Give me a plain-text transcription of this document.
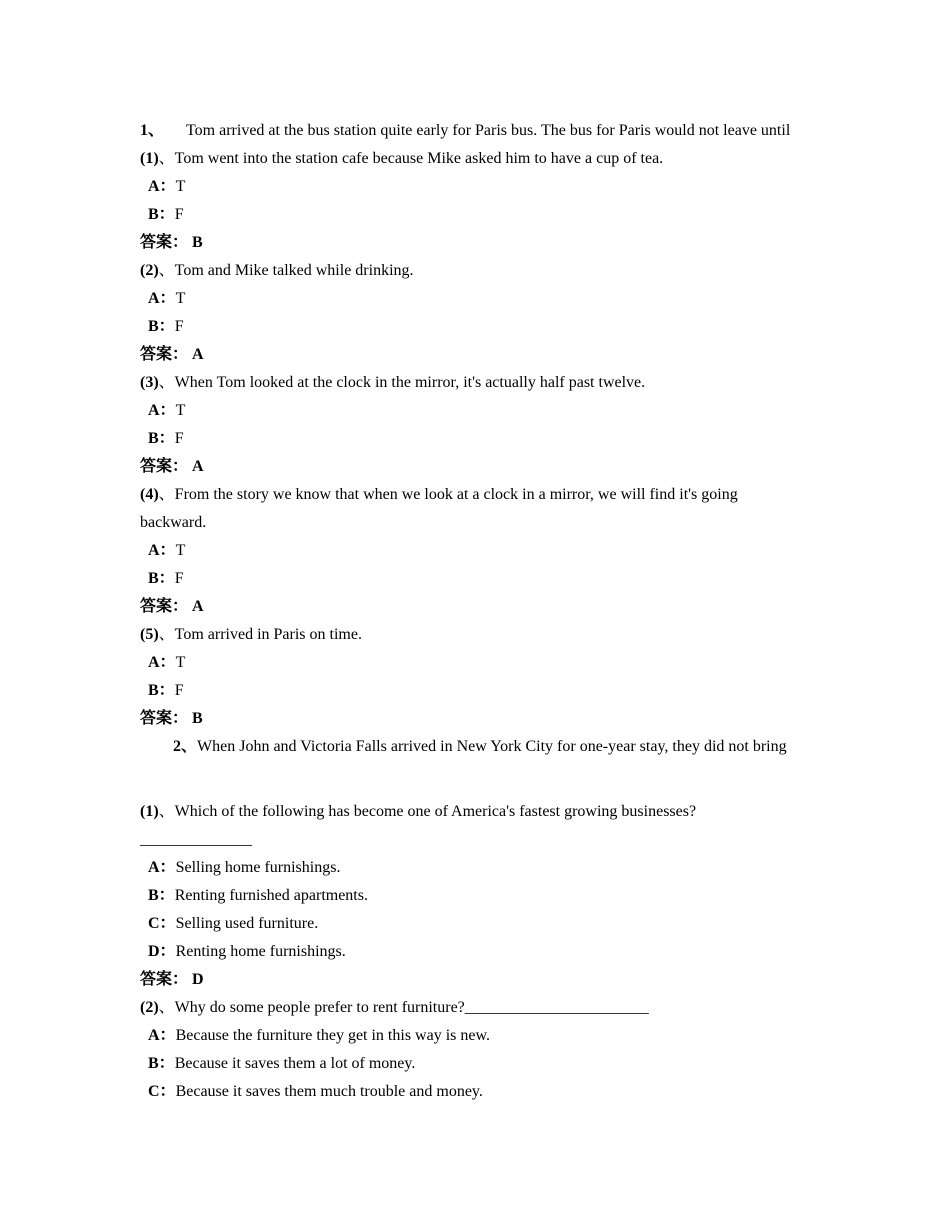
1、 Tom arrived at the bus station quite early for Paris bus. The bus for Paris would not leave until
(1)、Tom went into the station cafe because Mike asked him to have a cup of tea.
A：T
B：F
答案： B
(2)、Tom and Mike talked while drinking.
A：T
B：F
答案： A
(3)、When Tom looked at the clock in the mirror, it's actually half past twelve.
A：T
B：F
答案： A
(4)、From the story we know that when we look at a clock in a mirror, we will find it's going
backward.
A：T
B：F
答案： A
(5)、Tom arrived in Paris on time.
A：T
B：F
答案： B
2、When John and Victoria Falls arrived in New York City for one-year stay, they did not bring
(1)、Which of the following has become one of America's fastest growing businesses?
______________
A：Selling home furnishings.
B：Renting furnished apartments.
C：Selling used furniture.
D：Renting home furnishings.
答案： D
(2)、Why do some people prefer to rent furniture?_______________________
A：Because the furniture they get in this way is new.
B：Because it saves them a lot of money.
C：Because it saves them much trouble and money.
